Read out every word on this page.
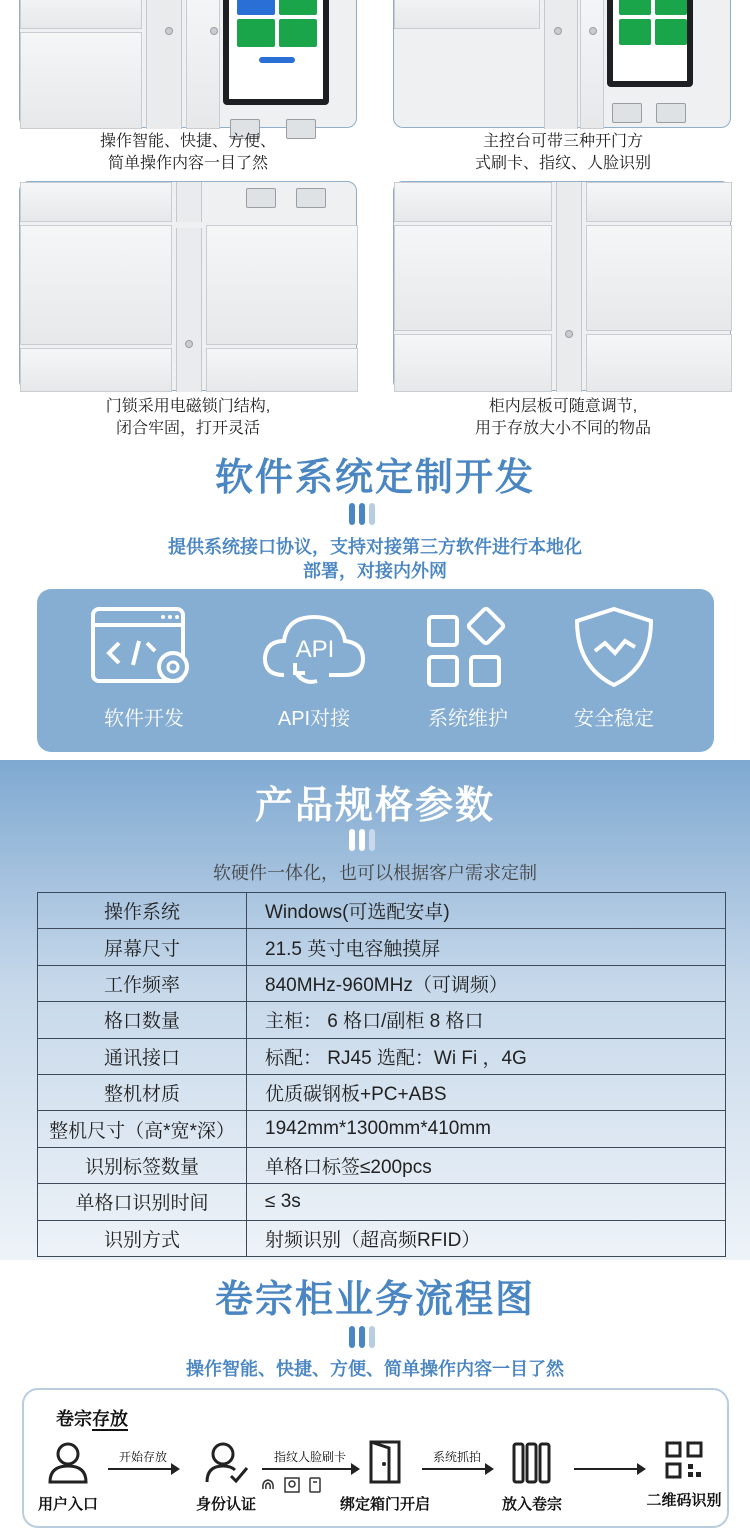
操作智能、快捷、方便、
简单操作内容一目了然
主控台可带三种开门方
式刷卡、指纹、人脸识别
门锁采用电磁锁门结构,
闭合牢固，打开灵活
柜内层板可随意调节,
用于存放大小不同的物品
软件系统定制开发
提供系统接口协议，支持对接第三方软件进行本地化
部署，对接内外网
软件开发
API
API对接	系统维护	安全稳定
产品规格参数
软硬件一体化，也可以根据客户需求定制
操作系统	Windows(可选配安卓)
屏幕尺寸	21.5 英寸电容触摸屏
工作频率	840MHz-960MHz（可调频）
格口数量	主柜： 6 格口/副柜 8 格口
通讯接口	标配： RJ45 选配：Wi Fi ，4G
整机材质	优质碳钢板+PC+ABS
整机尺寸（高*宽*深）	1942mm*1300mm*410mm
识别标签数量	单格口标签≤200pcs
单格口识别时间	≤ 3s
识别方式	射频识别（超高频RFID）
卷宗柜业务流程图
操作智能、快捷、方便、简单操作内容一目了然
卷宗存放
用户入口
开始存放
身份认证
指纹人脸刷卡
绑定箱门开启
系统抓拍
放入卷宗	二维码识别
